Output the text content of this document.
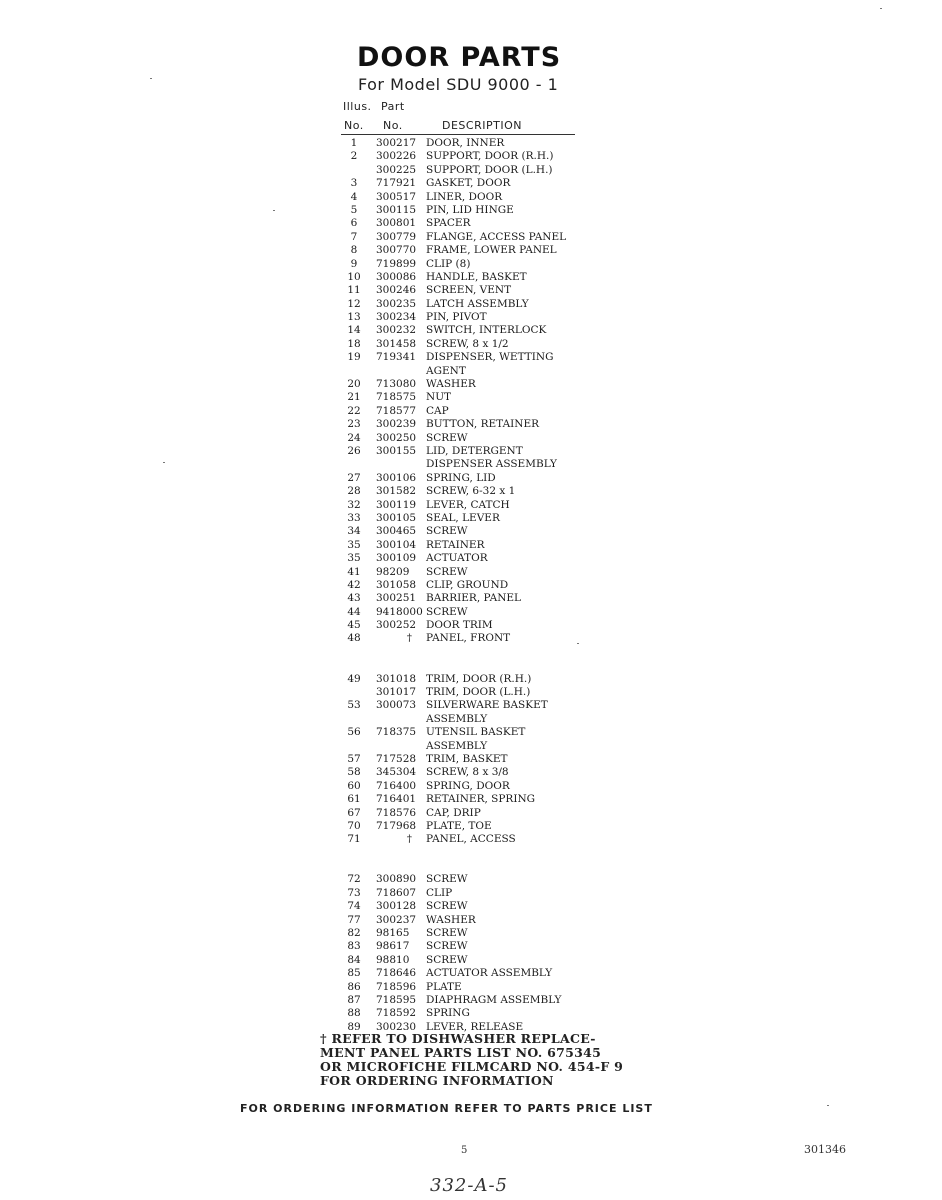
DOOR PARTS
For Model SDU 9000 - 1
Illus. Part
No. No.	DESCRIPTION
1	300217 DOOR, INNER
2	300226 SUPPORT, DOOR (R.H.)
300225 SUPPORT, DOOR (L.H.)
3	717921 GASKET, DOOR
4	300517 LINER, DOOR
5	300115 PIN, LID HINGE
6	300801 SPACER
7	300779 FLANGE, ACCESS PANEL
8	300770 FRAME, LOWER PANEL
9	719899 CLIP (8)
10	300086 HANDLE, BASKET
11	300246 SCREEN, VENT
12	300235 LATCH ASSEMBLY
13	300234 PIN, PIVOT
14	300232 SWITCH, INTERLOCK
18	301458 SCREW, 8 x 1/2
19	719341 DISPENSER, WETTING
AGENT
20	713080 WASHER
21	718575 NUT
22	718577 CAP
23	300239 BUTTON, RETAINER
24	300250 SCREW
26	300155 LID, DETERGENT
DISPENSER ASSEMBLY
27	300106 SPRING, LID
28	301582 SCREW, 6-32 x 1
32	300119 LEVER, CATCH
33	300105 SEAL, LEVER
34	300465 SCREW
35	300104 RETAINER
35	300109 ACTUATOR
41	98209	SCREW
42	301058 CLIP, GROUND
43	300251 BARRIER, PANEL
44	9418000 SCREW
45	300252 DOOR TRIM
48	† PANEL, FRONT
49	301018 TRIM, DOOR (R.H.)
301017 TRIM, DOOR (L.H.)
53	300073 SILVERWARE BASKET
ASSEMBLY
56	718375 UTENSIL BASKET
ASSEMBLY
57	717528 TRIM, BASKET
58	345304 SCREW, 8 x 3/8
60	716400 SPRING, DOOR
61	716401 RETAINER, SPRING
67	718576 CAP, DRIP
70	717968 PLATE, TOE
71	† PANEL, ACCESS
72	300890 SCREW
73	718607 CLIP
74	300128 SCREW
77	300237 WASHER
82	98165	SCREW
83	98617	SCREW
84	98810	SCREW
85	718646 ACTUATOR ASSEMBLY
86	718596 PLATE
87	718595 DIAPHRAGM ASSEMBLY
88	718592 SPRING
89	300230 LEVER, RELEASE
† REFER TO DISHWASHER REPLACE-
MENT PANEL PARTS LIST NO. 675345
OR MICROFICHE FILMCARD NO. 454-F 9
FOR ORDERING INFORMATION
FOR ORDERING INFORMATION REFER TO PARTS PRICE LIST
5	301346
332-A-5
